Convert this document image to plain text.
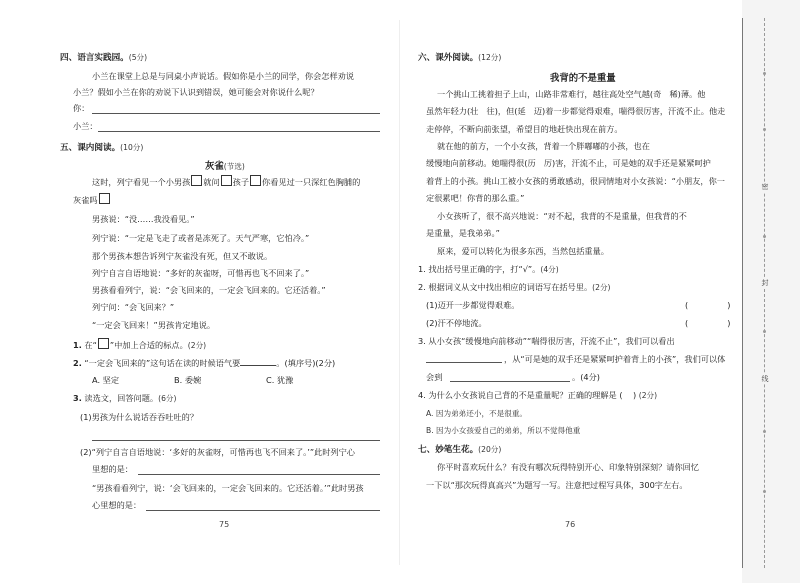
四、语言实践园。(5分)
小兰在课堂上总是与同桌小声说话。假如你是小兰的同学，你会怎样劝说
小兰？假如小兰在你的劝说下认识到错误，她可能会对你说什么呢？
你：
小兰：
五、课内阅读。(10分)
灰雀(节选)
这时，列宁看见一个小男孩 就问 孩子 你看见过一只深红色胸脯的
灰雀吗
男孩说：“没……我没看见。”
列宁说：“一定是飞走了或者是冻死了。天气严寒，它怕冷。”
那个男孩本想告诉列宁灰雀没有死，但又不敢说。
列宁自言自语地说：“多好的灰雀呀，可惜再也飞不回来了。”
男孩看看列宁，说：“会飞回来的，一定会飞回来的。它还活着。”
列宁问：“会飞回来？”
“一定会飞回来！”男孩肯定地说。
1. 在“ ”中加上合适的标点。(2分)
2. “一定会飞回来的”这句话在读的时候语气要	。(填序号)(2分)
A. 坚定	B. 委婉	C. 犹豫
3. 读选文，回答问题。(6分)
(1)男孩为什么说话吞吞吐吐的？
(2)“列宁自言自语地说：‘多好的灰雀呀，可惜再也飞不回来了。’”此时列宁心
里想的是：
“男孩看看列宁，说：‘会飞回来的，一定会飞回来的。它还活着。’”此时男孩
心里想的是：
75
六、课外阅读。(12分)
我背的不是重量
一个挑山工挑着担子上山，山路非常难行，越往高处空气越(奇　稀)薄。他
虽然年轻力(壮　往)，但(延　迈)着一步都觉得艰难，喘得很厉害，汗流不止。他走
走停停，不断向前张望，希望目的地赶快出现在前方。
就在他的前方，一个小女孩，背着一个胖嘟嘟的小孩，也在
缓慢地向前移动。她喘得很(历　厉)害，汗流不止，可是她的双手还是紧紧呵护
着背上的小孩。挑山工被小女孩的勇敢感动，很同情地对小女孩说：“小朋友，你一
定很累吧！你背的那么重。”
小女孩听了，很不高兴地说：“对不起，我背的不是重量，但我背的不
是重量，是我弟弟。”
原来，爱可以转化为很多东西，当然包括重量。
1. 找出括号里正确的字，打“√”。(4分)
2. 根据词义从文中找出相应的词语写在括号里。(2分)
(1)迈开一步都觉得艰难。	(               )
(2)汗不停地流。	(               )
3. 从小女孩“缓慢地向前移动”“喘得很厉害，汗流不止”，我们可以看出
，从“可是她的双手还是紧紧呵护着背上的小孩”，我们可以体
会到	。(4分)
4. 为什么小女孩说自己背的不是重量呢？正确的理解是 (    ) (2分)
A. 因为弟弟还小，不是很重。
B. 因为小女孩爱自己的弟弟，所以不觉得他重
七、妙笔生花。(20分)
你平时喜欢玩什么？有没有哪次玩得特别开心、印象特别深刻？请你回忆
一下以“那次玩得真高兴”为题写一写。注意把过程写具体，300字左右。
76
密
封
线
